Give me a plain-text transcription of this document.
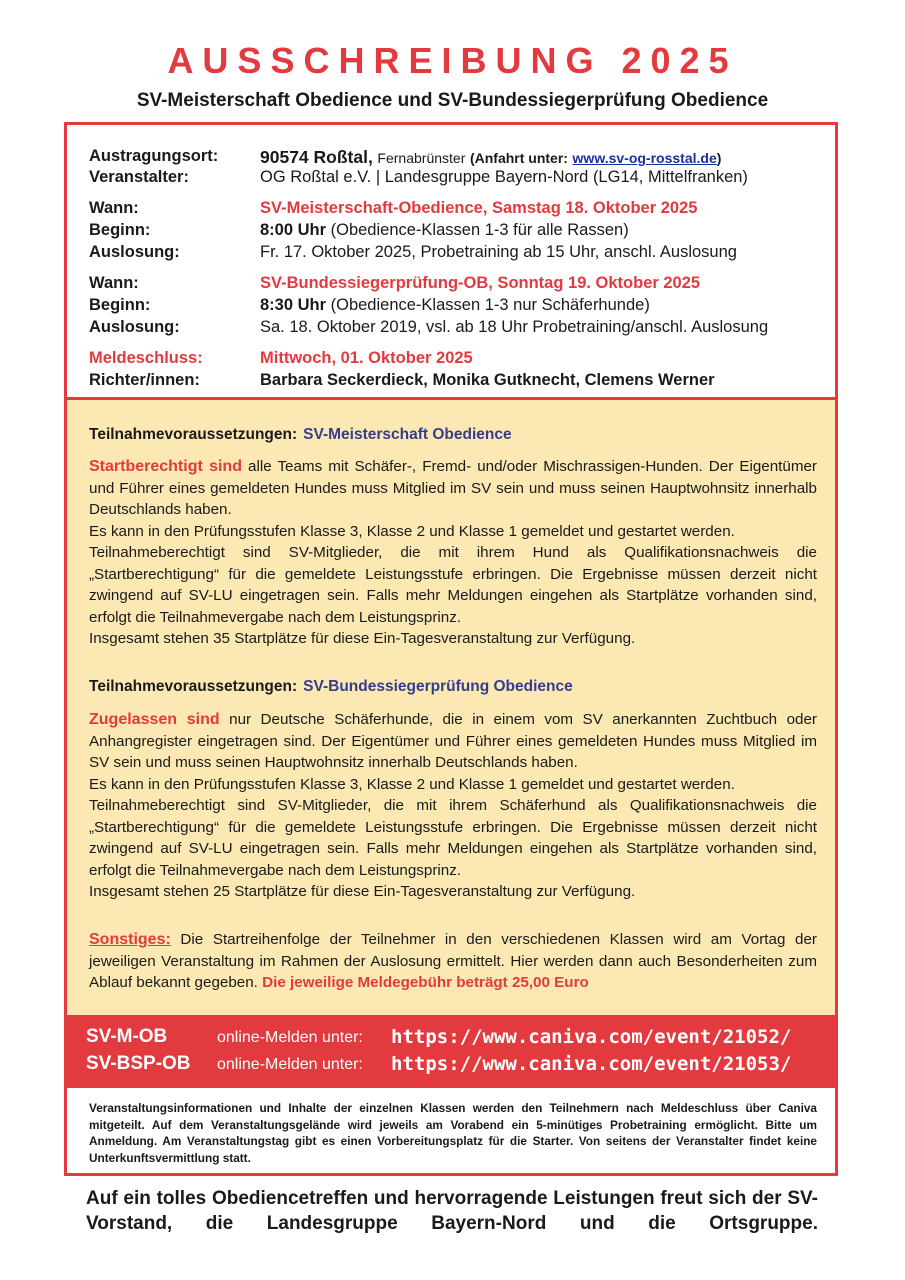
AUSSCHREIBUNG 2025
SV-Meisterschaft Obedience und SV-Bundessiegerprüfung Obedience
Austragungsort: 90574 Roßtal, Fernabrünster (Anfahrt unter: www.sv-og-rosstal.de)
Veranstalter:	OG Roßtal e.V. | Landesgruppe Bayern-Nord (LG14, Mittelfranken)
Wann:	SV-Meisterschaft-Obedience, Samstag 18. Oktober 2025
Beginn:	8:00 Uhr (Obedience-Klassen 1-3 für alle Rassen)
Auslosung:	Fr. 17. Oktober 2025, Probetraining ab 15 Uhr, anschl. Auslosung
Wann:	SV-Bundessiegerprüfung-OB, Sonntag 19. Oktober 2025
Beginn:	8:30 Uhr (Obedience-Klassen 1-3 nur Schäferhunde)
Auslosung:	Sa. 18. Oktober 2019, vsl. ab 18 Uhr Probetraining/anschl. Auslosung
Meldeschluss:	Mittwoch, 01. Oktober 2025
Richter/innen:	Barbara Seckerdieck, Monika Gutknecht, Clemens Werner
Teilnahmevoraussetzungen: SV-Meisterschaft Obedience

Startberechtigt sind alle Teams mit Schäfer-, Fremd- und/oder Mischrassigen-Hunden. Der Eigentümer und Führer eines gemeldeten Hundes muss Mitglied im SV sein und muss seinen Hauptwohnsitz innerhalb Deutschlands haben.

Es kann in den Prüfungsstufen Klasse 3, Klasse 2 und Klasse 1 gemeldet und gestartet werden.

Teilnahmeberechtigt sind SV-Mitglieder, die mit ihrem Hund als Qualifikationsnachweis die „Startberechtigung“ für die gemeldete Leistungsstufe erbringen. Die Ergebnisse müssen derzeit nicht zwingend auf SV-LU eingetragen sein. Falls mehr Meldungen eingehen als Startplätze vorhanden sind, erfolgt die Teilnahmevergabe nach dem Leistungsprinz.

Insgesamt stehen 35 Startplätze für diese Ein-Tagesveranstaltung zur Verfügung.

Teilnahmevoraussetzungen: SV-Bundessiegerprüfung Obedience

Zugelassen sind nur Deutsche Schäferhunde, die in einem vom SV anerkannten Zuchtbuch oder Anhangregister eingetragen sind. Der Eigentümer und Führer eines gemeldeten Hundes muss Mitglied im SV sein und muss seinen Hauptwohnsitz innerhalb Deutschlands haben.

Es kann in den Prüfungsstufen Klasse 3, Klasse 2 und Klasse 1 gemeldet und gestartet werden.

Teilnahmeberechtigt sind SV-Mitglieder, die mit ihrem Schäferhund als Qualifikationsnachweis die „Startberechtigung“ für die gemeldete Leistungsstufe erbringen. Die Ergebnisse müssen derzeit nicht zwingend auf SV-LU eingetragen sein. Falls mehr Meldungen eingehen als Startplätze vorhanden sind, erfolgt die Teilnahmevergabe nach dem Leistungsprinz.

Insgesamt stehen 25 Startplätze für diese Ein-Tagesveranstaltung zur Verfügung.

Sonstiges: Die Startreihenfolge der Teilnehmer in den verschiedenen Klassen wird am Vortag der jeweiligen Veranstaltung im Rahmen der Auslosung ermittelt. Hier werden dann auch Besonderheiten zum Ablauf bekannt gegeben. Die jeweilige Meldegebühr beträgt 25,00 Euro

SV-M-OB	online-Melden unter: https://www.caniva.com/event/21052/
SV-BSP-OB online-Melden unter: https://www.caniva.com/event/21053/

Veranstaltungsinformationen und Inhalte der einzelnen Klassen werden den Teilnehmern nach Meldeschluss über Caniva mitgeteilt. Auf dem Veranstaltungsgelände wird jeweils am Vorabend ein 5-minütiges Probetraining ermöglicht. Bitte um Anmeldung. Am Veranstaltungstag gibt es einen Vorbereitungsplatz für die Starter. Von seitens der Veranstalter findet keine Unterkunftsvermittlung statt.

Auf ein tolles Obediencetreffen und hervorragende Leistungen freut sich der SV-Vorstand, die Landesgruppe Bayern-Nord und die Ortsgruppe.
